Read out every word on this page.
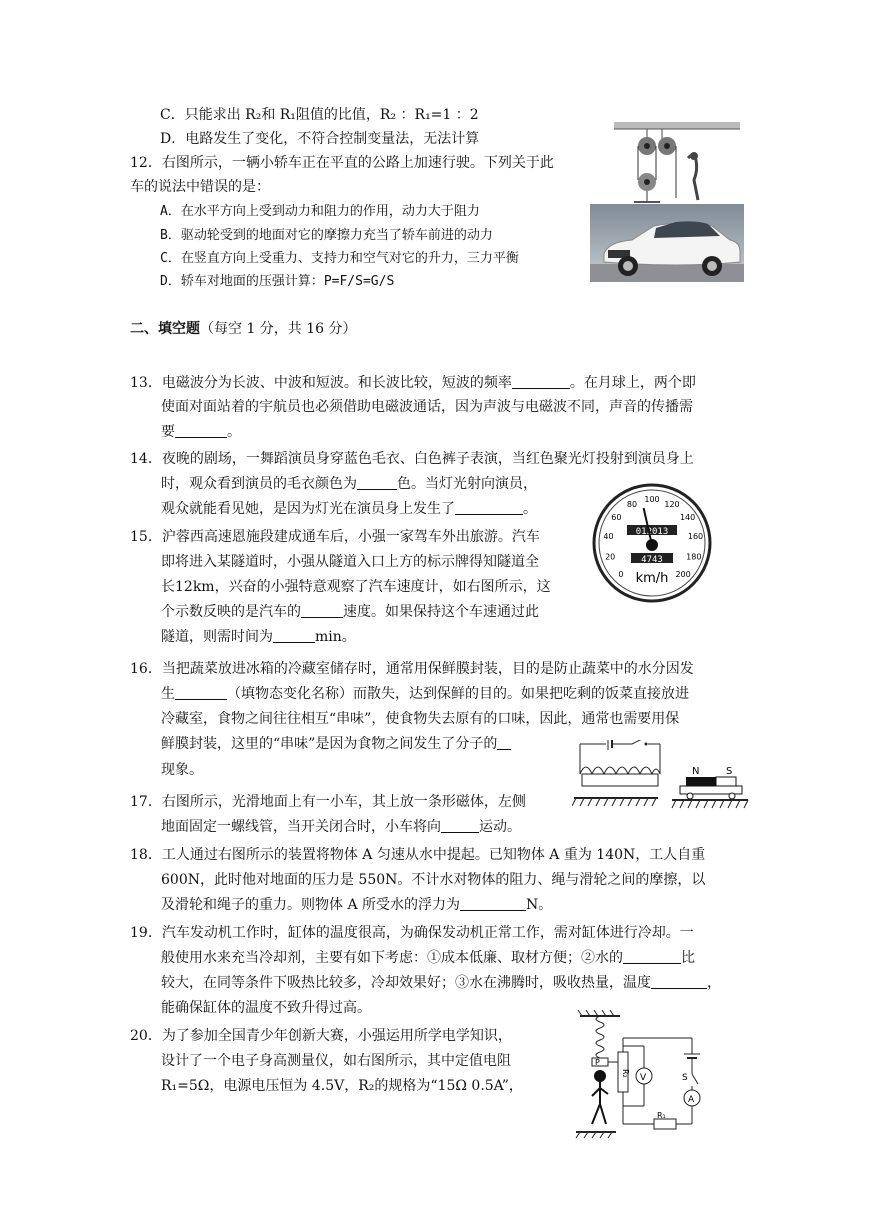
C．只能求出 R₂和 R₁阻值的比值，R₂ ：R₁=1 ：2
D．电路发生了变化，不符合控制变量法，无法计算
12．右图所示，一辆小轿车正在平直的公路上加速行驶。下列关于此
车的说法中错误的是：
A．在水平方向上受到动力和阻力的作用，动力大于阻力
B．驱动轮受到的地面对它的摩擦力充当了轿车前进的动力
C．在竖直方向上受重力、支持力和空气对它的升力，三力平衡
D．轿车对地面的压强计算：P=F/S=G/S
二、填空题（每空 1 分，共 16 分）
13．电磁波分为长波、中波和短波。和长波比较，短波的频率	。在月球上，两个即
使面对面站着的宇航员也必须借助电磁波通话，因为声波与电磁波不同，声音的传播需
要	。
14．夜晚的剧场，一舞蹈演员身穿蓝色毛衣、白色裤子表演，当红色聚光灯投射到演员身上
时，观众看到演员的毛衣颜色为	色。当灯光射向演员，
观众就能看见她，是因为灯光在演员身上发生了	。
0
20
40
60
80
100
120
140
160
180
200
012013
4743
km/h
15．沪蓉西高速恩施段建成通车后，小强一家驾车外出旅游。汽车
即将进入某隧道时，小强从隧道入口上方的标示牌得知隧道全
长12km，兴奋的小强特意观察了汽车速度计，如右图所示，这
个示数反映的是汽车的	速度。如果保持这个车速通过此
隧道，则需时间为	min。
16．当把蔬菜放进冰箱的冷藏室储存时，通常用保鲜膜封装，目的是防止蔬菜中的水分因发
生	（填物态变化名称）而散失，达到保鲜的目的。如果把吃剩的饭菜直接放进
冷藏室，食物之间往往相互“串味”，使食物失去原有的口味，因此，通常也需要用保
鲜膜封装，这里的“串味”是因为食物之间发生了分子的
现象。	N	S
17．右图所示，光滑地面上有一小车，其上放一条形磁体，左侧
地面固定一螺线管，当开关闭合时，小车将向	运动。
18．工人通过右图所示的装置将物体 A 匀速从水中提起。已知物体 A 重为 140N，工人自重
600N，此时他对地面的压力是 550N。不计水对物体的阻力、绳与滑轮之间的摩擦，以
及滑轮和绳子的重力。则物体 A 所受水的浮力为	N。
19．汽车发动机工作时，缸体的温度很高，为确保发动机正常工作，需对缸体进行冷却。一
般使用水来充当冷却剂，主要有如下考虑：①成本低廉、取材方便；②水的	比
较大，在同等条件下吸热比较多，冷却效果好；③水在沸腾时，吸收热量，温度	，
能确保缸体的温度不致升得过高。
20．为了参加全国青少年创新大赛，小强运用所学电学知识，
设计了一个电子身高测量仪，如右图所示，其中定值电阻
R₁=5Ω，电源电压恒为 4.5V，R₂的规格为“15Ω 0.5A”，
P
R₂ V	S
A
R₁
